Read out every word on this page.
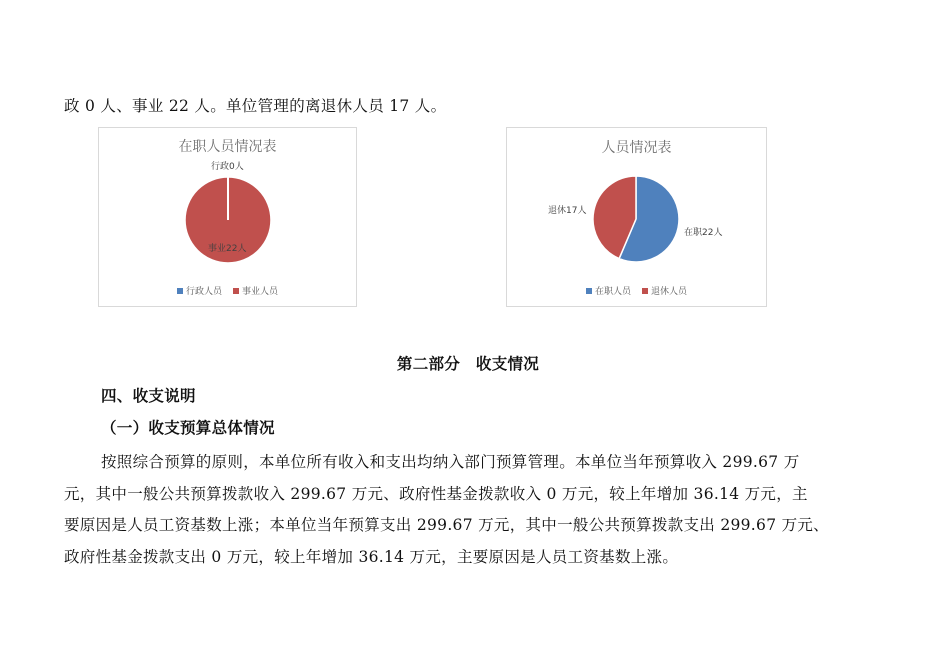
政 0 人、事业 22 人。单位管理的离退休人员 17 人。
在职人员情况表
行政0人
事业22人
行政人员 事业人员
人员情况表
退休17人
在职22人
在职人员 退休人员
第二部分　收支情况
四、收支说明
（一）收支预算总体情况
按照综合预算的原则，本单位所有收入和支出均纳入部门预算管理。本单位当年预算收入 299.67 万
元，其中一般公共预算拨款收入 299.67 万元、政府性基金拨款收入 0 万元，较上年增加 36.14 万元，主
要原因是人员工资基数上涨；本单位当年预算支出 299.67 万元，其中一般公共预算拨款支出 299.67 万元、
政府性基金拨款支出 0 万元，较上年增加 36.14 万元，主要原因是人员工资基数上涨。
